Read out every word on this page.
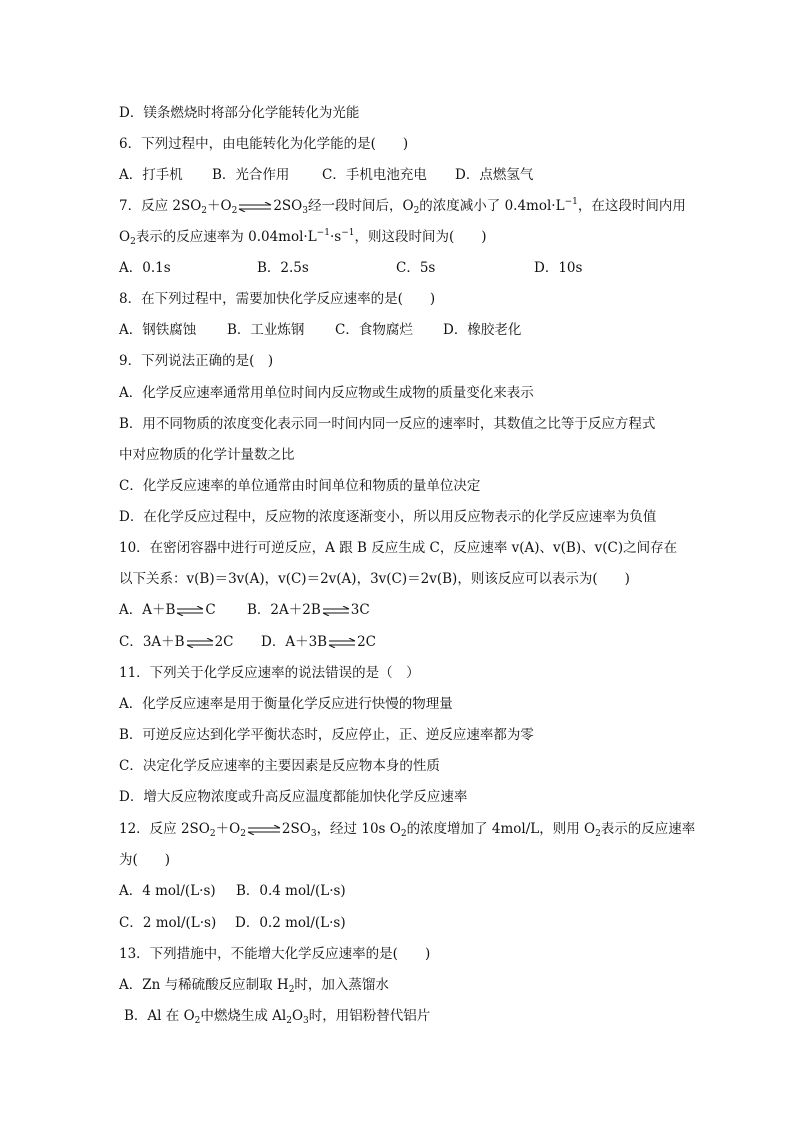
D．镁条燃烧时将部分化学能转化为光能
6．下列过程中，由电能转化为化学能的是(　　)
A．打手机 B．光合作用 C．手机电池充电 D．点燃氢气
7．反应 $2SO_2+O_2\rightleftharpoons 2SO_3$经一段时间后，$O_2$的浓度减小了 $0.4mol\cdot L^{-1}$，在这段时间内用
$O_2$表示的反应速率为 $0.04mol\cdot L^{-1}\cdot s^{-1}$，则这段时间为(　　)
A．0.1s	B．2.5s	C．5s	D．10s
8．在下列过程中，需要加快化学反应速率的是(　　)
A．钢铁腐蚀 B．工业炼钢 C．食物腐烂 D．橡胶老化
9．下列说法正确的是(　)
A．化学反应速率通常用单位时间内反应物或生成物的质量变化来表示
B．用不同物质的浓度变化表示同一时间内同一反应的速率时，其数值之比等于反应方程式
中对应物质的化学计量数之比
C．化学反应速率的单位通常由时间单位和物质的量单位决定
D．在化学反应过程中，反应物的浓度逐渐变小，所以用反应物表示的化学反应速率为负值
10．在密闭容器中进行可逆反应，A 跟 B 反应生成 C，反应速率 v(A)、v(B)、v(C)之间存在
以下关系：v(B)＝3v(A)，v(C)＝2v(A)，3v(C)＝2v(B)，则该反应可以表示为(　　)
A．A＋B⇌C B．2A＋2B⇌3C
C．3A＋B⇌2C D．A＋3B⇌2C
11．下列关于化学反应速率的说法错误的是（　）
A．化学反应速率是用于衡量化学反应进行快慢的物理量
B．可逆反应达到化学平衡状态时，反应停止，正、逆反应速率都为零
C．决定化学反应速率的主要因素是反应物本身的性质
D．增大反应物浓度或升高反应温度都能加快化学反应速率
12．反应 $2SO_2+O_2\rightleftharpoons 2SO_3$，经过 10s $O_2$的浓度增加了 4mol/L，则用 $O_2$表示的反应速率
为(　　)
A．4 mol/(L·s) B．0.4 mol/(L·s)
C．2 mol/(L·s) D．0.2 mol/(L·s)
13．下列措施中，不能增大化学反应速率的是(　　)
A．Zn 与稀硫酸反应制取 $H_2$时，加入蒸馏水
B．Al 在 $O_2$中燃烧生成 $Al_2O_3$时，用铝粉替代铝片
